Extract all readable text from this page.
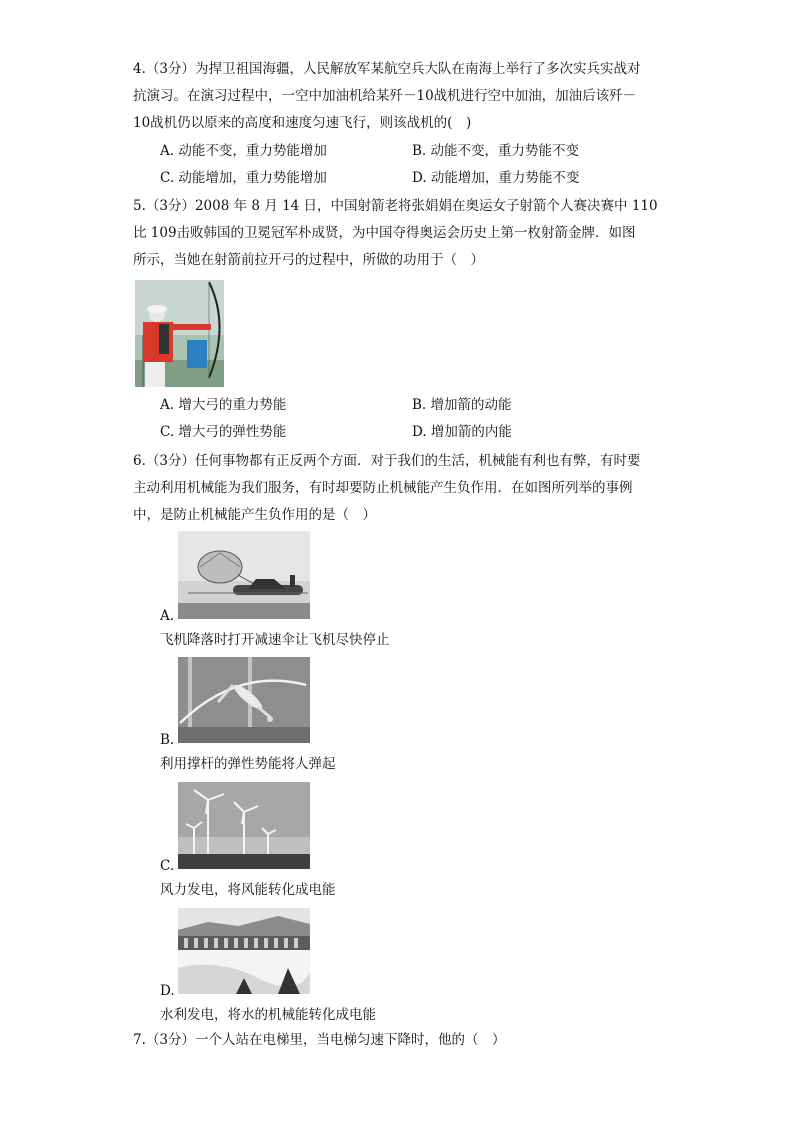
4.（3分）为捍卫祖国海疆，人民解放军某航空兵大队在南海上举行了多次实兵实战对
抗演习。在演习过程中，一空中加油机给某歼－10战机进行空中加油，加油后该歼－
10战机仍以原来的高度和速度匀速飞行，则该战机的(　)
A. 动能不变，重力势能增加	B. 动能不变，重力势能不变
C. 动能增加，重力势能增加	D. 动能增加，重力势能不变
5.（3分）2008 年 8 月 14 日，中国射箭老将张娟娟在奥运女子射箭个人赛决赛中 110
比 109击败韩国的卫冕冠军朴成贤，为中国夺得奥运会历史上第一枚射箭金牌．如图
所示，当她在射箭前拉开弓的过程中，所做的功用于（　）
A. 增大弓的重力势能	B. 增加箭的动能
C. 增大弓的弹性势能	D. 增加箭的内能
6.（3分）任何事物都有正反两个方面．对于我们的生活，机械能有利也有弊，有时要
主动利用机械能为我们服务，有时却要防止机械能产生负作用．在如图所列举的事例
中，是防止机械能产生负作用的是（　）
A.
飞机降落时打开减速伞让飞机尽快停止
B.
利用撑杆的弹性势能将人弹起
C.
风力发电，将风能转化成电能
D.
水利发电，将水的机械能转化成电能
7.（3分）一个人站在电梯里，当电梯匀速下降时，他的（　）
